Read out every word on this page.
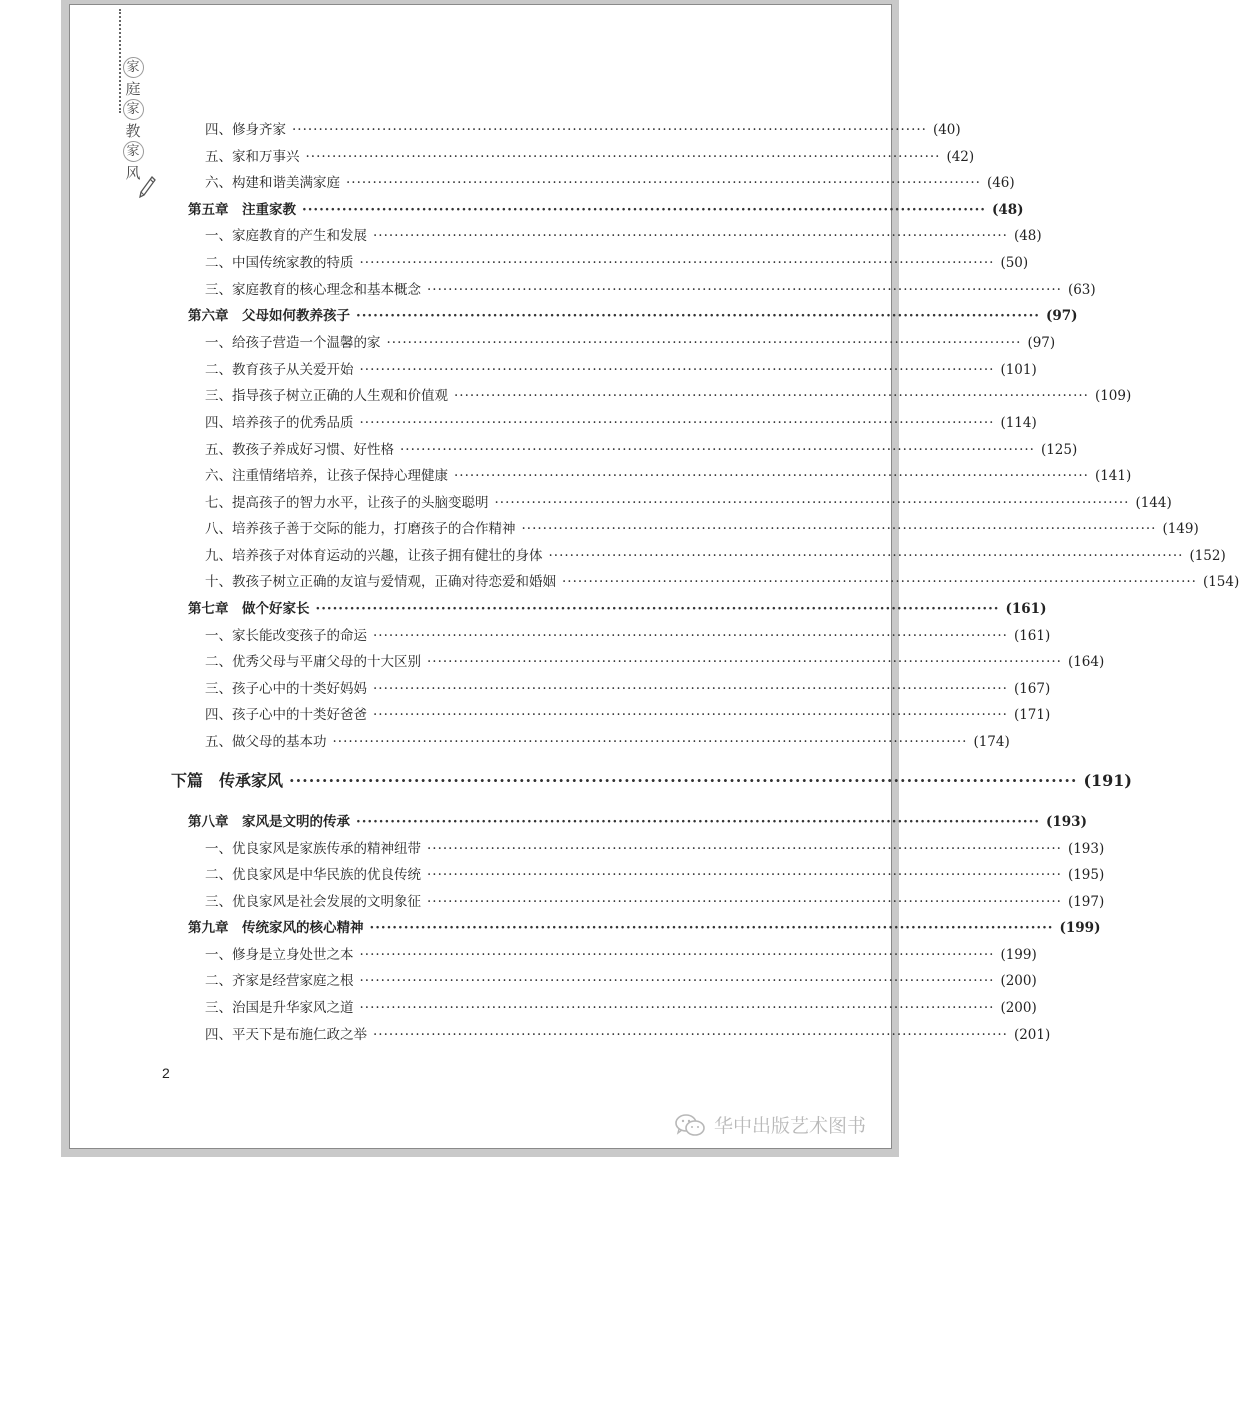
家
庭
家
教
家
风
四、修身齐家 ························································································································ (40)
五、家和万事兴 ························································································································ (42)
六、构建和谐美满家庭 ························································································································ (46)
第五章　注重家教 ························································································································ (48)
一、家庭教育的产生和发展 ························································································································ (48)
二、中国传统家教的特质 ························································································································ (50)
三、家庭教育的核心理念和基本概念 ························································································································ (63)
第六章　父母如何教养孩子 ························································································································ (97)
一、给孩子营造一个温馨的家 ························································································································ (97)
二、教育孩子从关爱开始 ························································································································ (101)
三、指导孩子树立正确的人生观和价值观 ························································································································ (109)
四、培养孩子的优秀品质 ························································································································ (114)
五、教孩子养成好习惯、好性格 ························································································································ (125)
六、注重情绪培养，让孩子保持心理健康 ························································································································ (141)
七、提高孩子的智力水平，让孩子的头脑变聪明 ························································································································ (144)
八、培养孩子善于交际的能力，打磨孩子的合作精神 ························································································································ (149)
九、培养孩子对体育运动的兴趣，让孩子拥有健壮的身体 ························································································································ (152)
十、教孩子树立正确的友谊与爱情观，正确对待恋爱和婚姻 ························································································································ (154)
第七章　做个好家长 ························································································································ (161)
一、家长能改变孩子的命运 ························································································································ (161)
二、优秀父母与平庸父母的十大区别 ························································································································ (164)
三、孩子心中的十类好妈妈 ························································································································ (167)
四、孩子心中的十类好爸爸 ························································································································ (171)
五、做父母的基本功 ························································································································ (174)
下篇　传承家风 ························································································································ (191)
第八章　家风是文明的传承 ························································································································ (193)
一、优良家风是家族传承的精神纽带 ························································································································ (193)
二、优良家风是中华民族的优良传统 ························································································································ (195)
三、优良家风是社会发展的文明象征 ························································································································ (197)
第九章　传统家风的核心精神 ························································································································ (199)
一、修身是立身处世之本 ························································································································ (199)
二、齐家是经营家庭之根 ························································································································ (200)
三、治国是升华家风之道 ························································································································ (200)
四、平天下是布施仁政之举 ························································································································ (201)
2
华中出版艺术图书
